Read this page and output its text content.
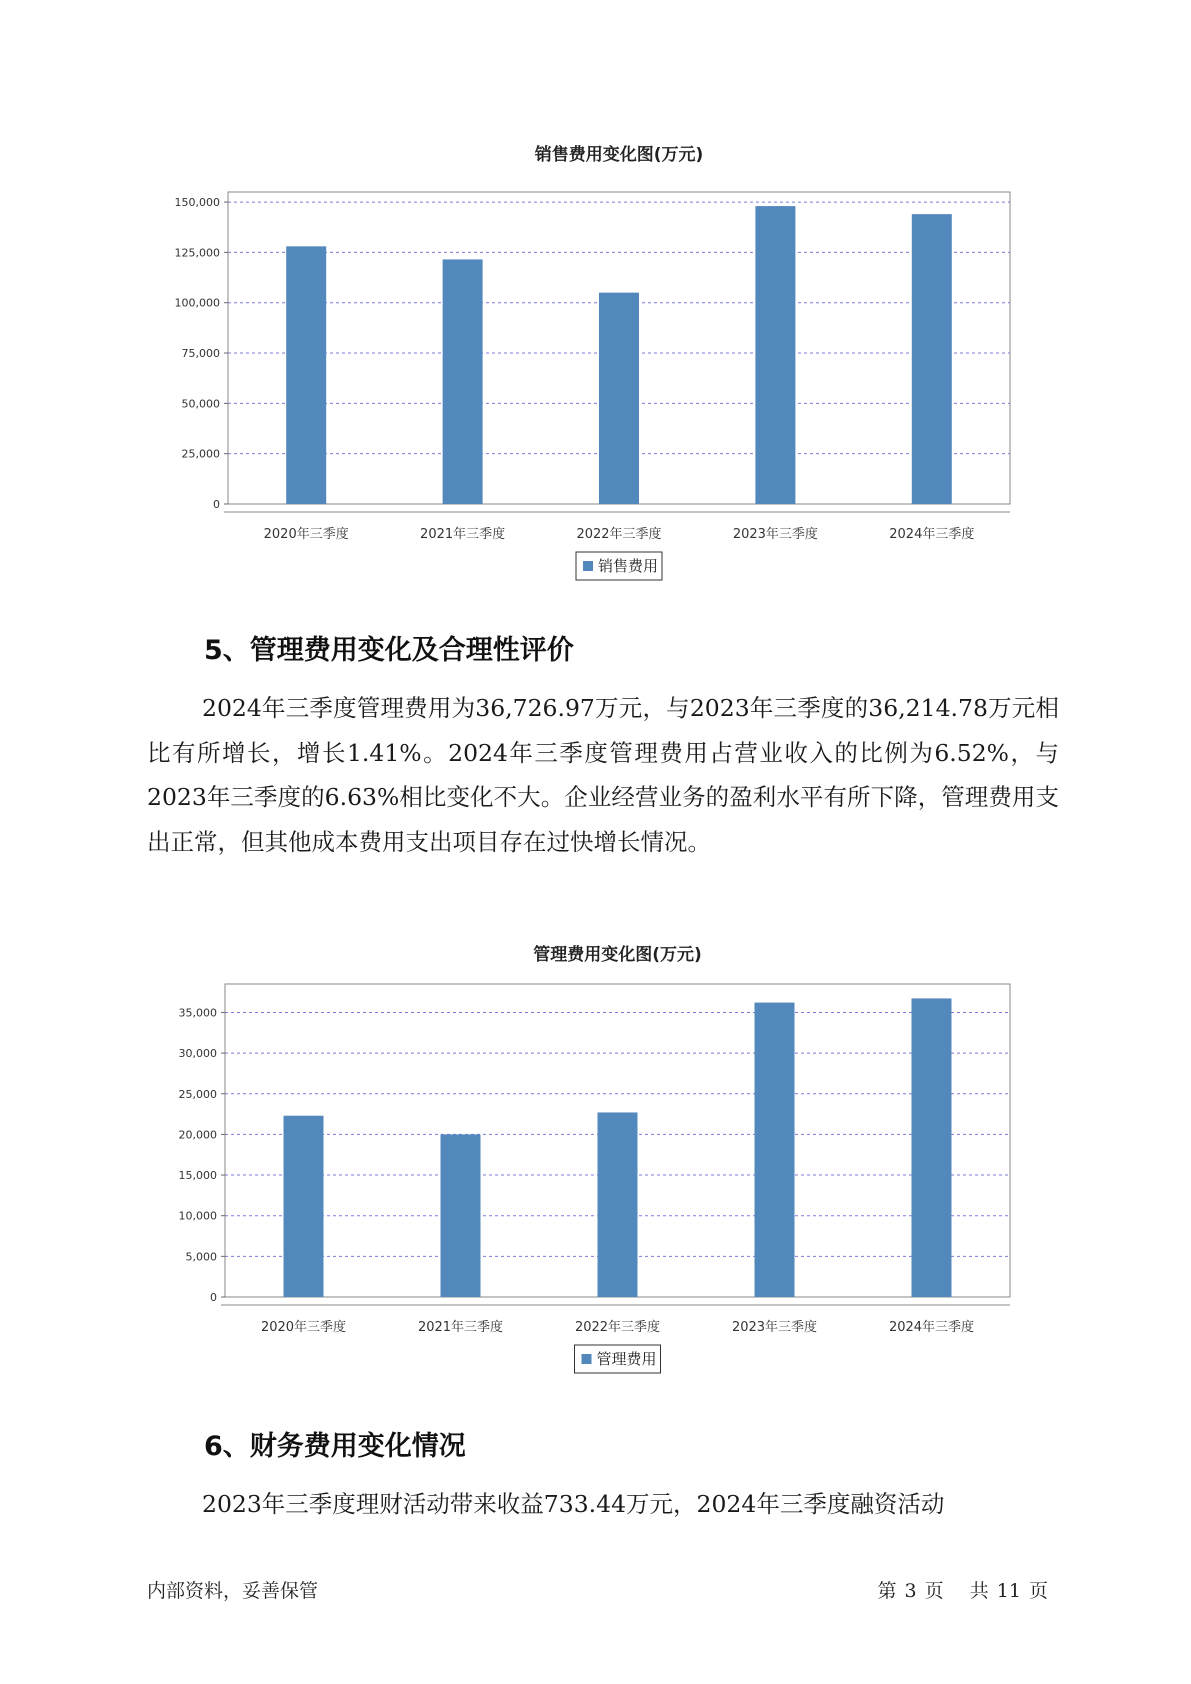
销售费用变化图(万元)
0
25,000
50,000
75,000
100,000
125,000
150,000
2020年三季度	2021年三季度	2022年三季度	2023年三季度	2024年三季度
销售费用
5、管理费用变化及合理性评价

2024年三季度管理费用为36,726.97万元，与2023年三季度的36,214.78万元相比有所增长，增长1.41%。2024年三季度管理费用占营业收入的比例为6.52%，与2023年三季度的6.63%相比变化不大。企业经营业务的盈利水平有所下降，管理费用支出正常，但其他成本费用支出项目存在过快增长情况。

管理费用变化图(万元)
0
5,000
10,000
15,000
20,000
25,000
30,000
35,000
2020年三季度	2021年三季度	2022年三季度	2023年三季度	2024年三季度
管理费用
6、财务费用变化情况

2023年三季度理财活动带来收益733.44万元，2024年三季度融资活动

内部资料，妥善保管	第 3 页 共 11 页
